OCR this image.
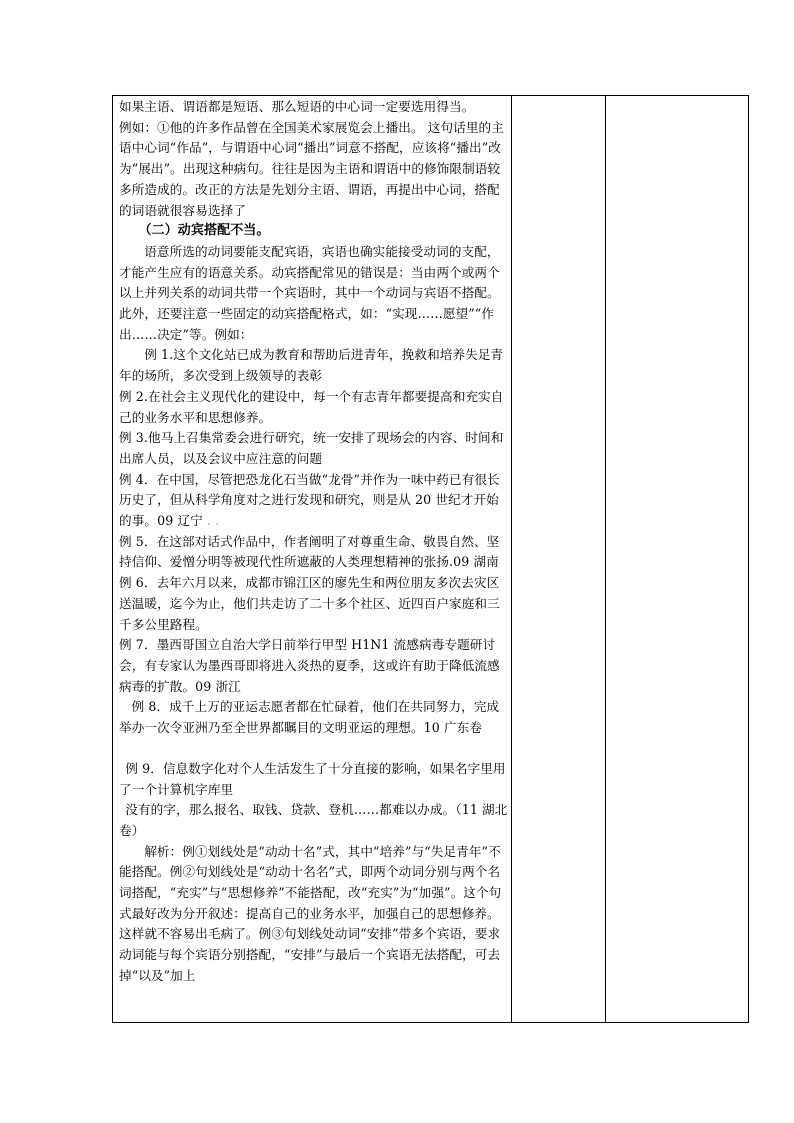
如果主语、谓语都是短语、那么短语的中心词一定要选用得当。

例如：①他的许多作品曾在全国美术家展览会上播出。 这句话里的主语中心词“作品”，与谓语中心词“播出”词意不搭配，应该将“播出”改为“展出”。出现这种病句。往往是因为主语和谓语中的修饰限制语较多所造成的。改正的方法是先划分主语、谓语，再提出中心词，搭配的词语就很容易选择了

（二）动宾搭配不当。

语意所选的动词要能支配宾语，宾语也确实能接受动词的支配，才能产生应有的语意关系。动宾搭配常见的错误是：当由两个或两个以上并列关系的动词共带一个宾语时，其中一个动词与宾语不搭配。此外，还要注意一些固定的动宾搭配格式，如：“实现……愿望”“作出……决定”等。例如：

例 1.这个文化站已成为教育和帮助后进青年，挽救和培养失足青年的场所，多次受到上级领导的表彰

例 2.在社会主义现代化的建设中，每一个有志青年都要提高和充实自己的业务水平和思想修养。

例 3.他马上召集常委会进行研究，统一安排了现场会的内容、时间和出席人员，以及会议中应注意的问题

例 4．在中国，尽管把恐龙化石当做“龙骨”并作为一味中药已有很长历史了，但从科学角度对之进行发现和研究，则是从 20 世纪才开始的事。09 辽宁 . .

例 5．在这部对话式作品中，作者阐明了对尊重生命、敬畏自然、坚持信仰、爱憎分明等被现代性所遮蔽的人类理想精神的张扬.09 湖南

例 6．去年六月以来，成都市锦江区的廖先生和两位朋友多次去灾区送温暖，迄今为止，他们共走访了二十多个社区、近四百户家庭和三千多公里路程。

例 7．墨西哥国立自治大学日前举行甲型 H1N1 流感病毒专题研讨会，有专家认为墨西哥即将进入炎热的夏季，这或许有助于降低流感病毒的扩散。09 浙江

例 8．成千上万的亚运志愿者都在忙碌着，他们在共同努力，完成举办一次令亚洲乃至全世界都瞩目的文明亚运的理想。10 广东卷

例 9．信息数字化对个人生活发生了十分直接的影响，如果名字里用了一个计算机字库里

没有的字，那么报名、取钱、贷款、登机……都难以办成。（11 湖北卷）

解析：例①划线处是“动动十名”式，其中“培养”与“失足青年”不能搭配。例②句划线处是“动动十名名”式，即两个动词分别与两个名词搭配，“充实”与“思想修养”不能搭配，改“充实”为“加强”。这个句式最好改为分开叙述：提高自己的业务水平，加强自己的思想修养。这样就不容易出毛病了。例③句划线处动词“安排”带多个宾语，要求动词能与每个宾语分别搭配，“安排”与最后一个宾语无法搭配，可去掉“以及”加上
